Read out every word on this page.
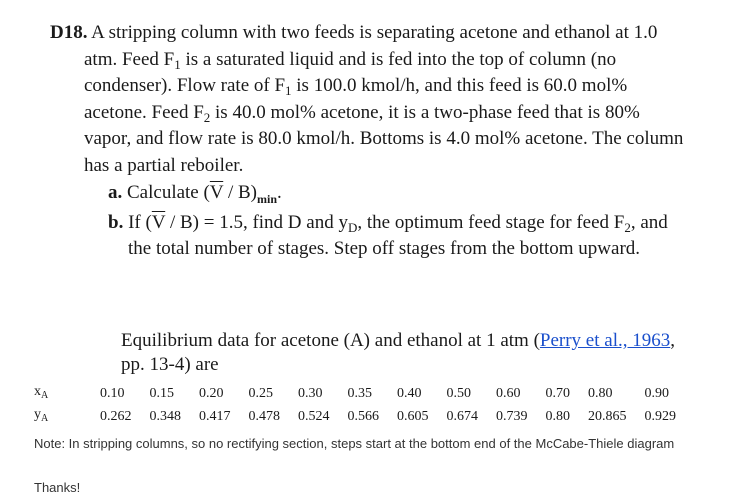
D18. A stripping column with two feeds is separating acetone and ethanol at 1.0 atm. Feed $F_1$ is a saturated liquid and is fed into the top of column (no condenser). Flow rate of $F_1$ is 100.0 kmol/h, and this feed is 60.0 mol% acetone. Feed $F_2$ is 40.0 mol% acetone, it is a two-phase feed that is 80% vapor, and flow rate is 80.0 kmol/h. Bottoms is 4.0 mol% acetone. The column has a partial reboiler.

a. Calculate $(\overline{V} / B)_{min}$.

b. If $(\overline{V} / B) = 1.5$, find D and $y_D$, the optimum feed stage for feed $F_2$, and the total number of stages. Step off stages from the bottom upward.

Equilibrium data for acetone (A) and ethanol at 1 atm (Perry et al., 1963, pp. 13-4) are

$x_A$	0.10	0.15	0.20	0.25	0.30	0.35	0.40	0.50	0.60	0.70	0.80	0.90
$y_A$	0.262	0.348	0.417	0.478	0.524	0.566	0.605	0.674	0.739	0.80	20.865	0.929
Note: In stripping columns, so no rectifying section, steps start at the bottom end of the McCabe-Thiele diagram
Thanks!
